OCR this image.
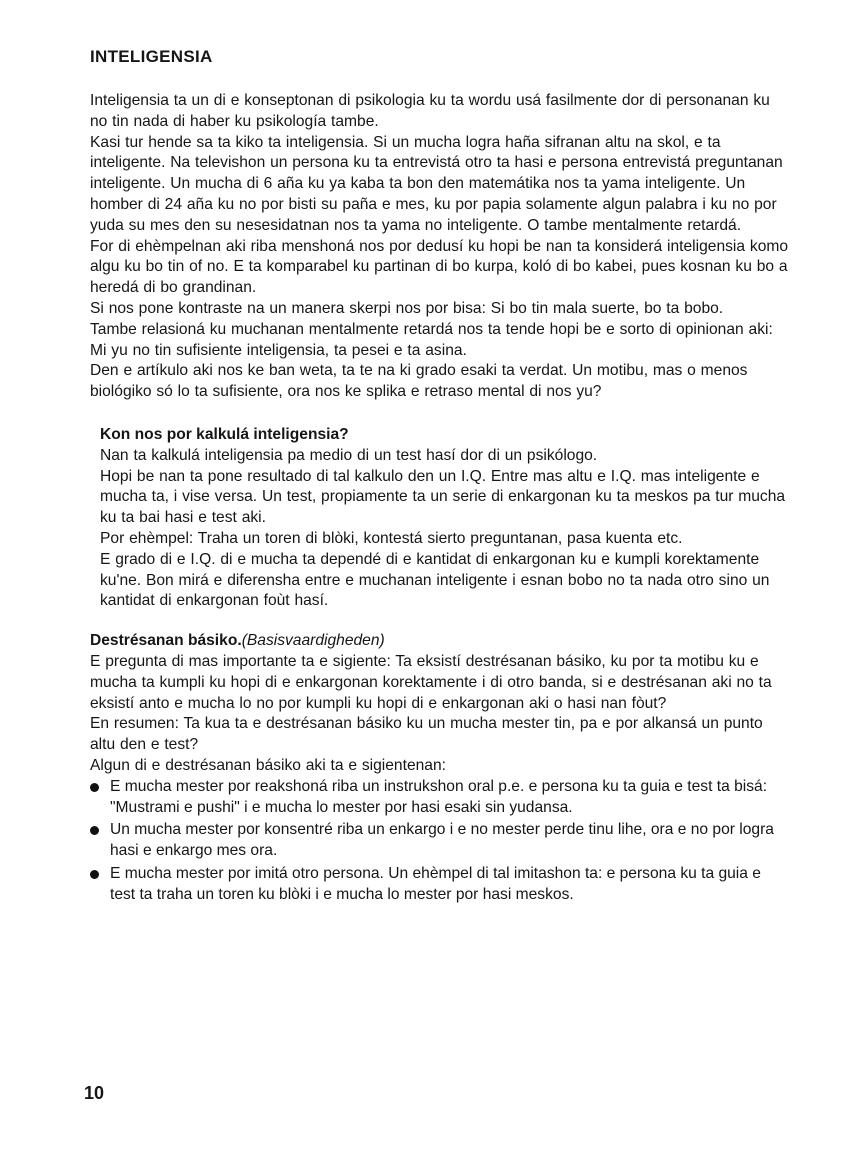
INTELIGENSIA

Inteligensia ta un di e konseptonan di psikologia ku ta wordu usá fasilmente dor di personanan ku no tin nada di haber ku psikología tambe.

Kasi tur hende sa ta kiko ta inteligensia. Si un mucha logra haña sifranan altu na skol, e ta inteligente. Na televishon un persona ku ta entrevistá otro ta hasi e persona entrevistá preguntanan inteligente. Un mucha di 6 aña ku ya kaba ta bon den matemátika nos ta yama inteligente. Un homber di 24 aña ku no por bisti su paña e mes, ku por papia solamente algun palabra i ku no por yuda su mes den su nesesidatnan nos ta yama no inteligente. O tambe mentalmente retardá.

For di ehèmpelnan aki riba menshoná nos por dedusí ku hopi be nan ta konsiderá inteligensia komo algu ku bo tin of no. E ta komparabel ku partinan di bo kurpa, koló di bo kabei, pues kosnan ku bo a heredá di bo grandinan.

Si nos pone kontraste na un manera skerpi nos por bisa: Si bo tin mala suerte, bo ta bobo.

Tambe relasioná ku muchanan mentalmente retardá nos ta tende hopi be e sorto di opinionan aki: Mi yu no tin sufisiente inteligensia, ta pesei e ta asina.

Den e artíkulo aki nos ke ban weta, ta te na ki grado esaki ta verdat. Un motibu, mas o menos biológiko só lo ta sufisiente, ora nos ke splika e retraso mental di nos yu?

Kon nos por kalkulá inteligensia?

Nan ta kalkulá inteligensia pa medio di un test hasí dor di un psikólogo.

Hopi be nan ta pone resultado di tal kalkulo den un I.Q. Entre mas altu e I.Q. mas inteligente e mucha ta, i vise versa. Un test, propiamente ta un serie di enkargonan ku ta meskos pa tur mucha ku ta bai hasi e test aki.

Por ehèmpel: Traha un toren di blòki, kontestá sierto preguntanan, pasa kuenta etc.

E grado di e I.Q. di e mucha ta dependé di e kantidat di enkargonan ku e kumpli korektamente ku'ne. Bon mirá e diferensha entre e muchanan inteligente i esnan bobo no ta nada otro sino un kantidat di enkargonan foùt hasí.

Destrésanan básiko.(Basisvaardigheden)

E pregunta di mas importante ta e sigiente: Ta eksistí destrésanan básiko, ku por ta motibu ku e mucha ta kumpli ku hopi di e enkargonan korektamente i di otro banda, si e destrésanan aki no ta eksistí anto e mucha lo no por kumpli ku hopi di e enkargonan aki o hasi nan fòut?

En resumen: Ta kua ta e destrésanan básiko ku un mucha mester tin, pa e por alkansá un punto altu den e test?

Algun di e destrésanan básiko aki ta e sigientenan:

E mucha mester por reakshoná riba un instrukshon oral p.e. e persona ku ta guia e test ta bisá: "Mustrami e pushi" i e mucha lo mester por hasi esaki sin yudansa.
Un mucha mester por konsentré riba un enkargo i e no mester perde tinu lihe, ora e no por logra hasi e enkargo mes ora.
E mucha mester por imitá otro persona. Un ehèmpel di tal imitashon ta: e persona ku ta guia e test ta traha un toren ku blòki i e mucha lo mester por hasi meskos.
10
